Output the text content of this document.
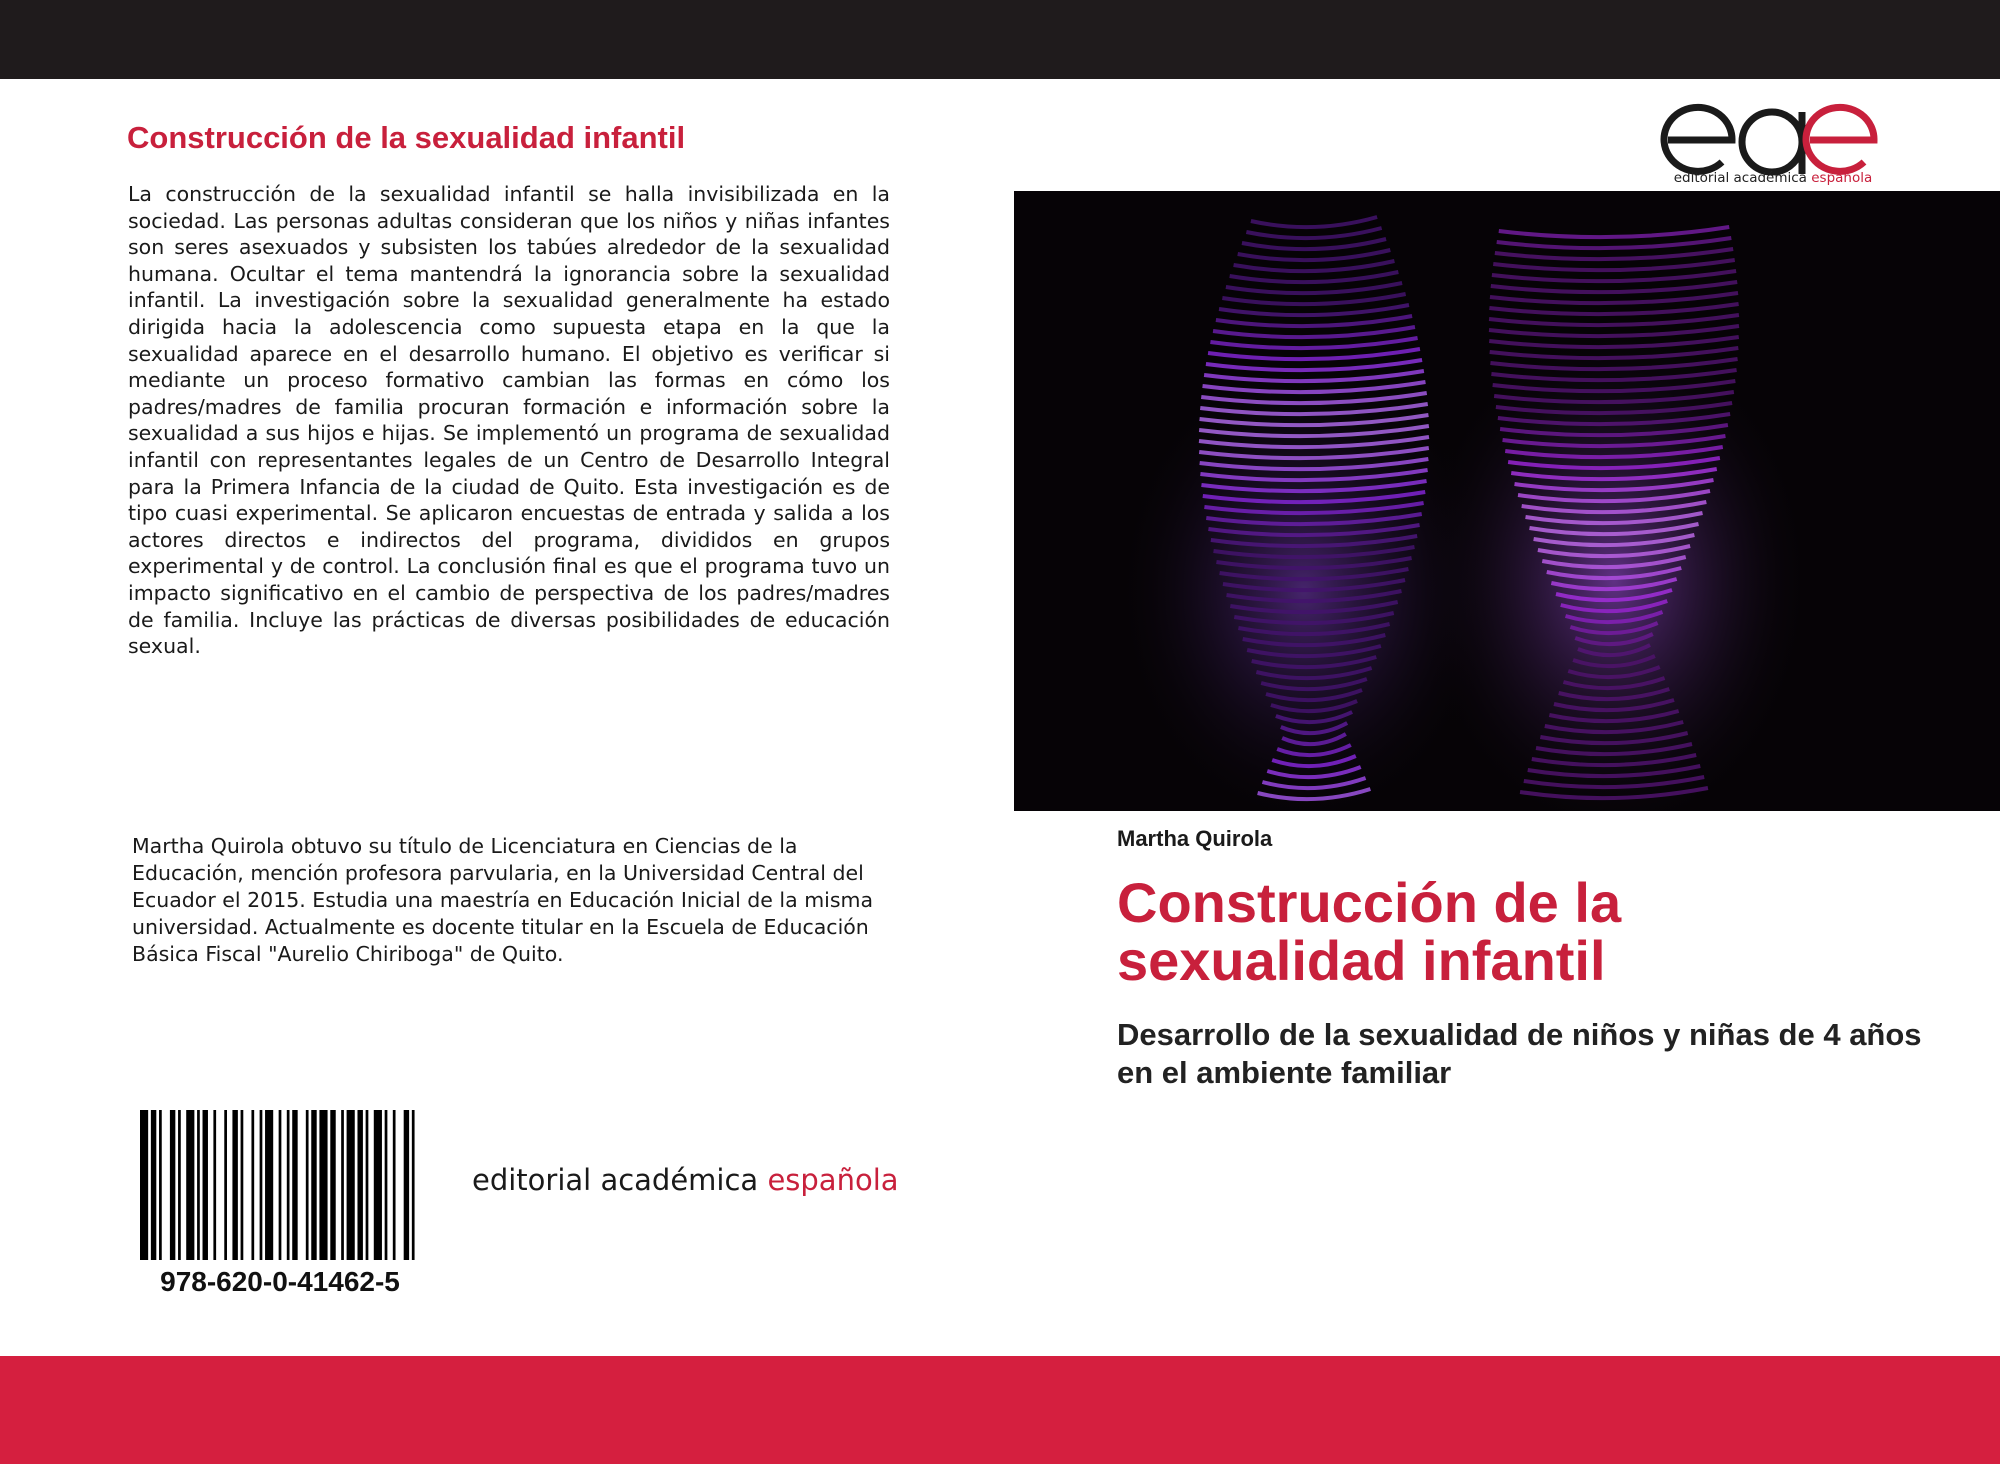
Construcción de la sexualidad infantil

La construcción de la sexualidad infantil se halla invisibilizada en la sociedad. Las personas adultas consideran que los niños y niñas infantes son seres asexuados y subsisten los tabúes alrededor de la sexualidad humana. Ocultar el tema mantendrá la ignorancia sobre la sexualidad infantil. La investigación sobre la sexualidad generalmente ha estado dirigida hacia la adolescencia como supuesta etapa en la que la sexualidad aparece en el desarrollo humano. El objetivo es verificar si mediante un proceso formativo cambian las formas en cómo los padres/madres de familia procuran formación e información sobre la sexualidad a sus hijos e hijas. Se implementó un programa de sexualidad infantil con representantes legales de un Centro de Desarrollo Integral para la Primera Infancia de la ciudad de Quito. Esta investigación es de tipo cuasi experimental. Se aplicaron encuestas de entrada y salida a los actores directos e indirectos del programa, divididos en grupos experimental y de control. La conclusión final es que el programa tuvo un impacto significativo en el cambio de perspectiva de los padres/madres de familia. Incluye las prácticas de diversas posibilidades de educación sexual.

Martha Quirola obtuvo su título de Licenciatura en Ciencias de la Educación, mención profesora parvularia, en la Universidad Central del Ecuador el 2015. Estudia una maestría en Educación Inicial de la misma universidad. Actualmente es docente titular en la Escuela de Educación Básica Fiscal "Aurelio Chiriboga" de Quito.

978-620-0-41462-5
editorial académica española
editorial académica española
Martha Quirola
Construcción de la sexualidad infantil

Desarrollo de la sexualidad de niños y niñas de 4 años en el ambiente familiar
